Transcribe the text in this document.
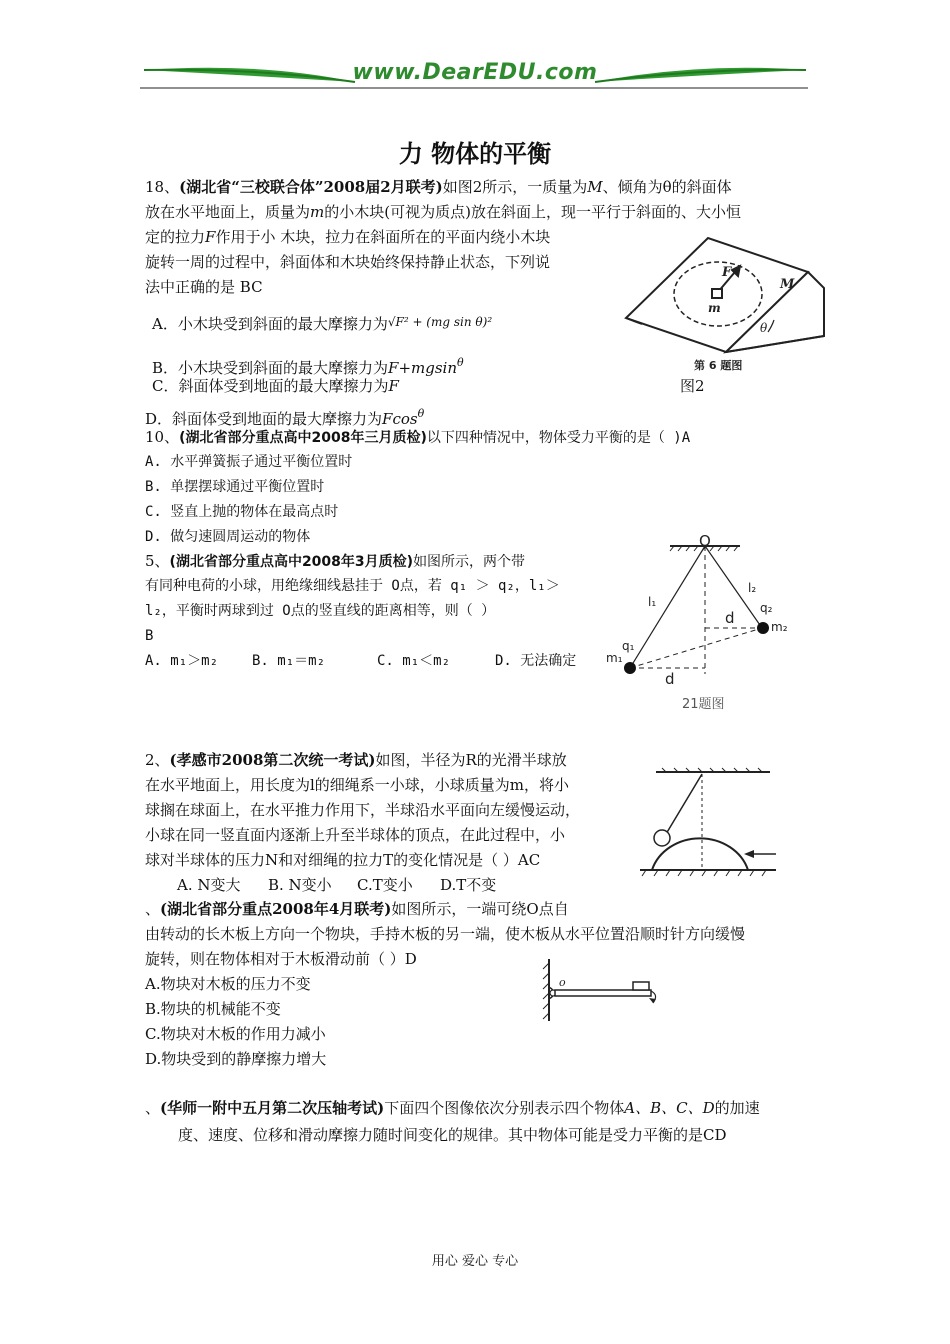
www.DearEDU.com
力 物体的平衡
18、(湖北省“三校联合体”2008届2月联考)如图2所示，一质量为M、倾角为θ的斜面体
放在水平地面上，质量为m的小木块(可视为质点)放在斜面上，现一平行于斜面的、大小恒
定的拉力F作用于小 木块，拉力在斜面所在的平面内绕小木块
旋转一周的过程中，斜面体和木块始终保持静止状态，下列说
法中正确的是 BC
A．小木块受到斜面的最大摩擦力为$^{√F^2 + (mg sin \theta)^2}$
B．小木块受到斜面的最大摩擦力为F+mgsin$^\theta$
C．斜面体受到地面的最大摩擦力为F
D．斜面体受到地面的最大摩擦力为Fcos$^\theta$
F
m
M
θ
第 6 题图
图2
10、(湖北省部分重点高中2008年三月质检)以下四种情况中，物体受力平衡的是（ )A
A. 水平弹簧振子通过平衡位置时
B. 单摆摆球通过平衡位置时
C. 竖直上抛的物体在最高点时
D. 做匀速圆周运动的物体
5、(湖北省部分重点高中2008年3月质检)如图所示，两个带
有同种电荷的小球，用绝缘细线悬挂于 O点，若 q₁ ＞ q₂，l₁＞
l₂，平衡时两球到过 O点的竖直线的距离相等，则（ ）
B
A. m₁＞m₂ B. m₁＝m₂	C. m₁＜m₂	D. 无法确定
O
l₁
l₂
q₂
m₂
q₁
m₁
d
d
21题图
2、(孝感市2008第二次统一考试)如图，半径为R的光滑半球放
在水平地面上，用长度为l的细绳系一小球，小球质量为m，将小
球搁在球面上，在水平推力作用下，半球沿水平面向左缓慢运动，
小球在同一竖直面内逐渐上升至半球体的顶点，在此过程中，小
球对半球体的压力N和对细绳的拉力T的变化情况是（ ）AC
A. N变大 B. N变小 C.T变小 D.T不变
、(湖北省部分重点2008年4月联考)如图所示，一端可绕O点自
由转动的长木板上方向一个物块，手持木板的另一端，使木板从水平位置沿顺时针方向缓慢
旋转，则在物体相对于木板滑动前（ ）D
A.物块对木板的压力不变
B.物块的机械能不变
C.物块对木板的作用力减小
D.物块受到的静摩擦力增大
o
、(华师一附中五月第二次压轴考试)下面四个图像依次分别表示四个物体A、B、C、D的加速
度、速度、位移和滑动摩擦力随时间变化的规律。其中物体可能是受力平衡的是CD
用心 爱心 专心
